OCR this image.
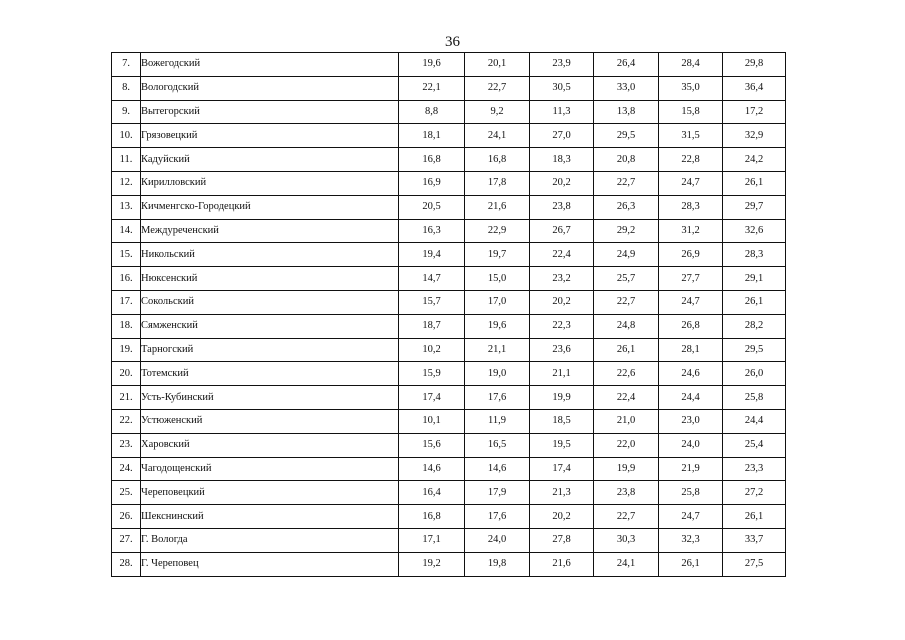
36
7.	Вожегодский	19,6	20,1	23,9	26,4	28,4	29,8
8.	Вологодский	22,1	22,7	30,5	33,0	35,0	36,4
9.	Вытегорский	8,8	9,2	11,3	13,8	15,8	17,2
10.	Грязовецкий	18,1	24,1	27,0	29,5	31,5	32,9
11.	Кадуйский	16,8	16,8	18,3	20,8	22,8	24,2
12.	Кирилловский	16,9	17,8	20,2	22,7	24,7	26,1
13.	Кичменгско-Городецкий	20,5	21,6	23,8	26,3	28,3	29,7
14.	Междуреченский	16,3	22,9	26,7	29,2	31,2	32,6
15.	Никольский	19,4	19,7	22,4	24,9	26,9	28,3
16.	Нюксенский	14,7	15,0	23,2	25,7	27,7	29,1
17.	Сокольский	15,7	17,0	20,2	22,7	24,7	26,1
18.	Сямженский	18,7	19,6	22,3	24,8	26,8	28,2
19.	Тарногский	10,2	21,1	23,6	26,1	28,1	29,5
20.	Тотемский	15,9	19,0	21,1	22,6	24,6	26,0
21.	Усть-Кубинский	17,4	17,6	19,9	22,4	24,4	25,8
22.	Устюженский	10,1	11,9	18,5	21,0	23,0	24,4
23.	Харовский	15,6	16,5	19,5	22,0	24,0	25,4
24.	Чагодощенский	14,6	14,6	17,4	19,9	21,9	23,3
25.	Череповецкий	16,4	17,9	21,3	23,8	25,8	27,2
26.	Шекснинский	16,8	17,6	20,2	22,7	24,7	26,1
27.	Г. Вологда	17,1	24,0	27,8	30,3	32,3	33,7
28.	Г. Череповец	19,2	19,8	21,6	24,1	26,1	27,5
